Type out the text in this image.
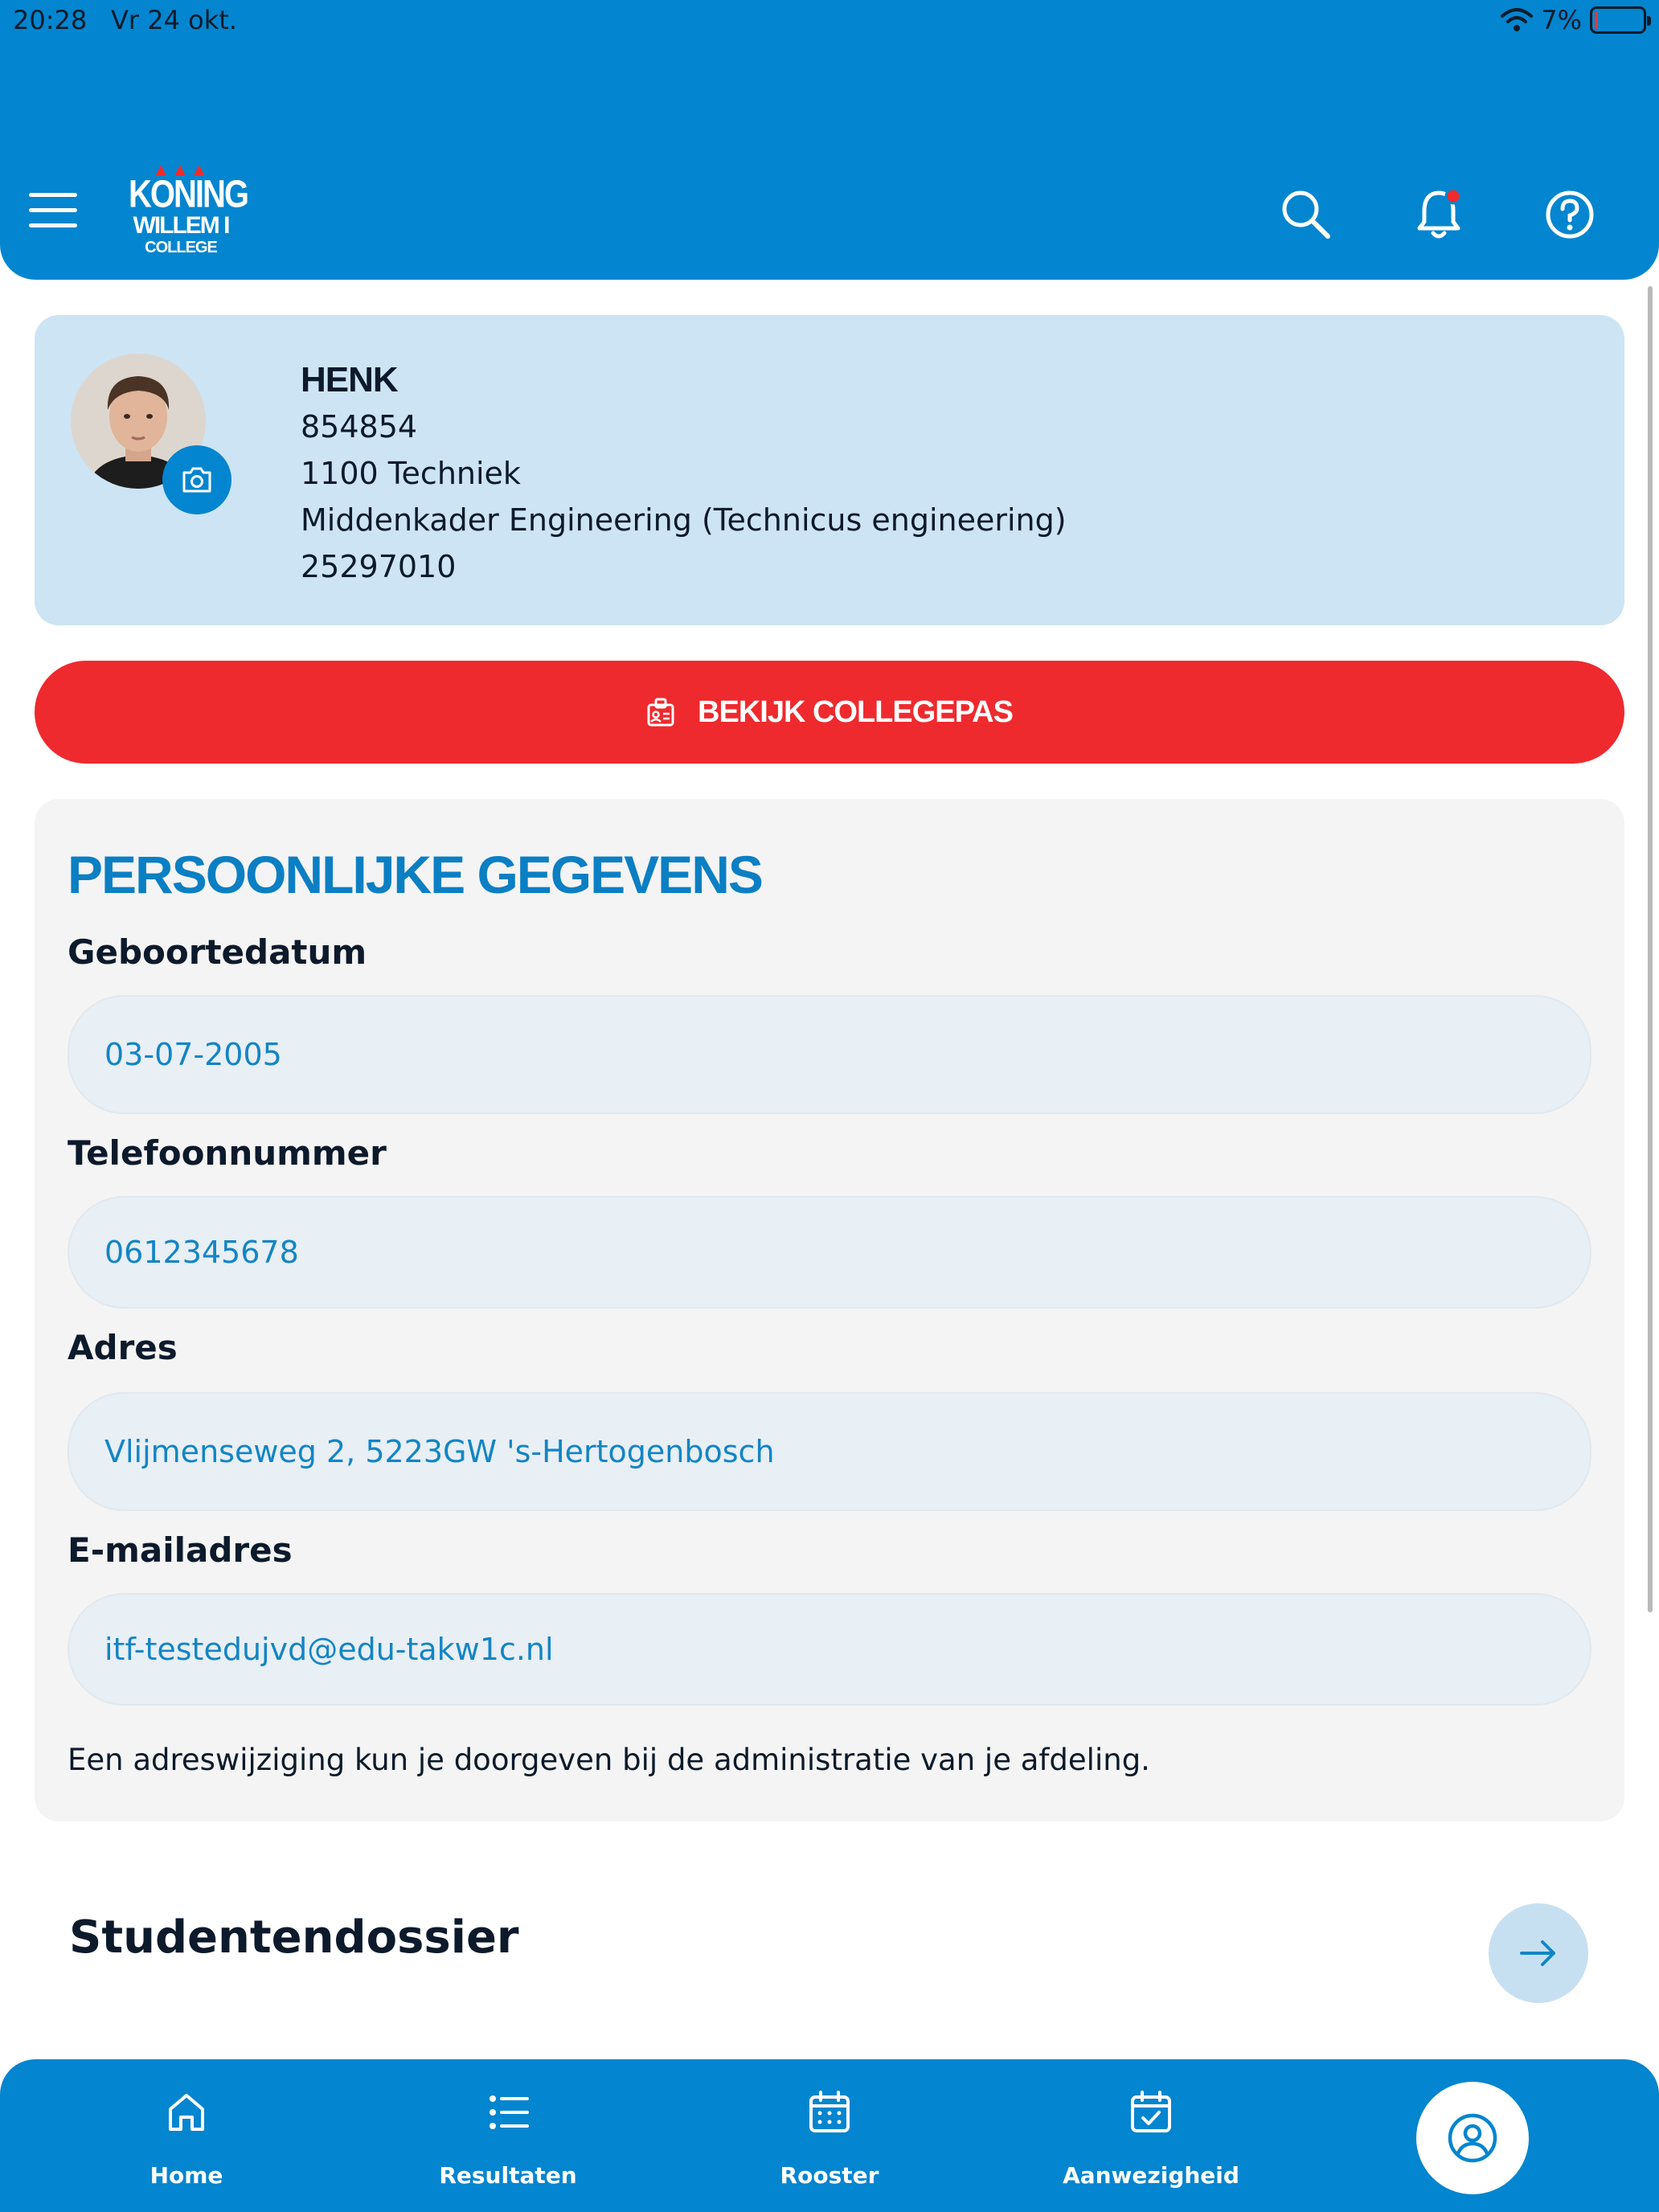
20:28 Vr 24 okt.	7%
▲▲▲
KONING
WILLEM I
COLLEGE
HENK
854854
1100 Techniek
Middenkader Engineering (Technicus engineering)
25297010
BEKIJK COLLEGEPAS
PERSOONLIJKE GEGEVENS
Geboortedatum
03-07-2005
Telefoonnummer
0612345678
Adres
Vlijmenseweg 2, 5223GW 's-Hertogenbosch
E-mailadres
itf-testedujvd@edu-takw1c.nl
Een adreswijziging kun je doorgeven bij de administratie van je afdeling.
Studentendossier
Home	Resultaten	Rooster	Aanwezigheid
